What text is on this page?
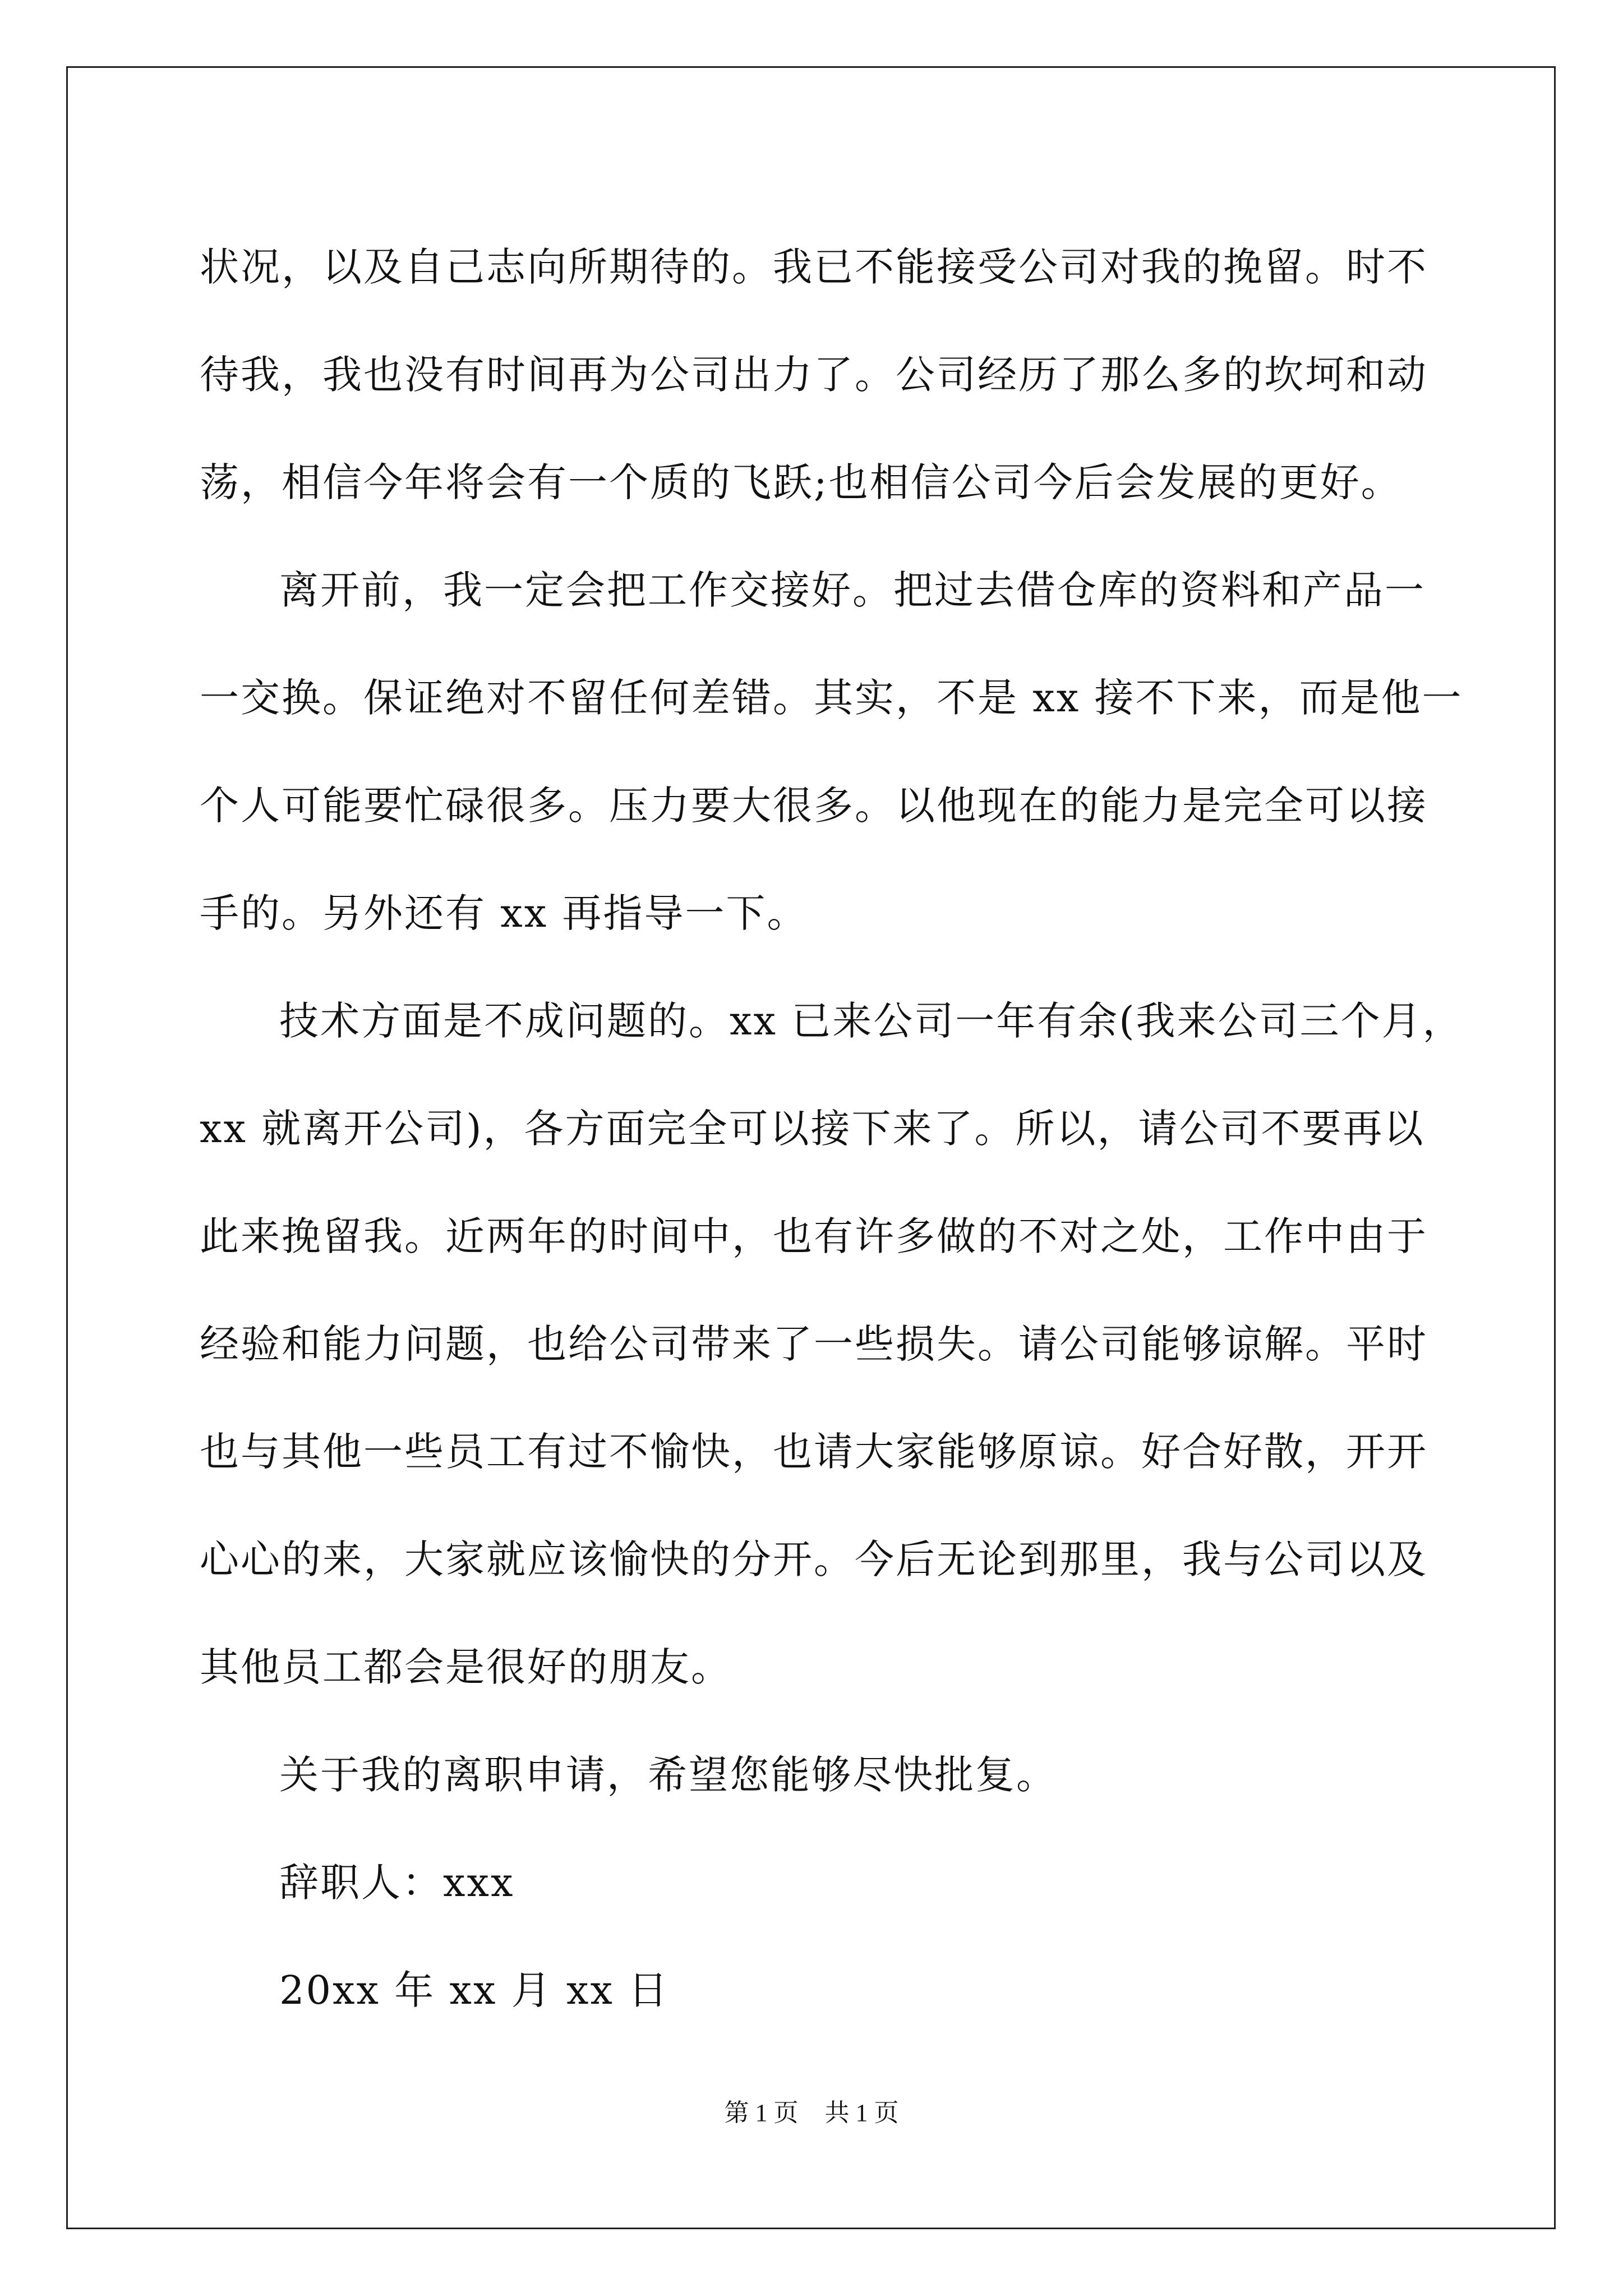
状况，以及自己志向所期待的。我已不能接受公司对我的挽留。时不
待我，我也没有时间再为公司出力了。公司经历了那么多的坎坷和动
荡，相信今年将会有一个质的飞跃;也相信公司今后会发展的更好。

离开前，我一定会把工作交接好。把过去借仓库的资料和产品一
一交换。保证绝对不留任何差错。其实，不是 xx 接不下来，而是他一
个人可能要忙碌很多。压力要大很多。以他现在的能力是完全可以接
手的。另外还有 xx 再指导一下。

技术方面是不成问题的。xx 已来公司一年有余(我来公司三个月，
xx 就离开公司)，各方面完全可以接下来了。所以，请公司不要再以
此来挽留我。近两年的时间中，也有许多做的不对之处，工作中由于
经验和能力问题，也给公司带来了一些损失。请公司能够谅解。平时
也与其他一些员工有过不愉快，也请大家能够原谅。好合好散，开开
心心的来，大家就应该愉快的分开。今后无论到那里，我与公司以及
其他员工都会是很好的朋友。

关于我的离职申请，希望您能够尽快批复。

辞职人：xxx

20xx 年 xx 月 xx 日

第 1 页 共 1 页
